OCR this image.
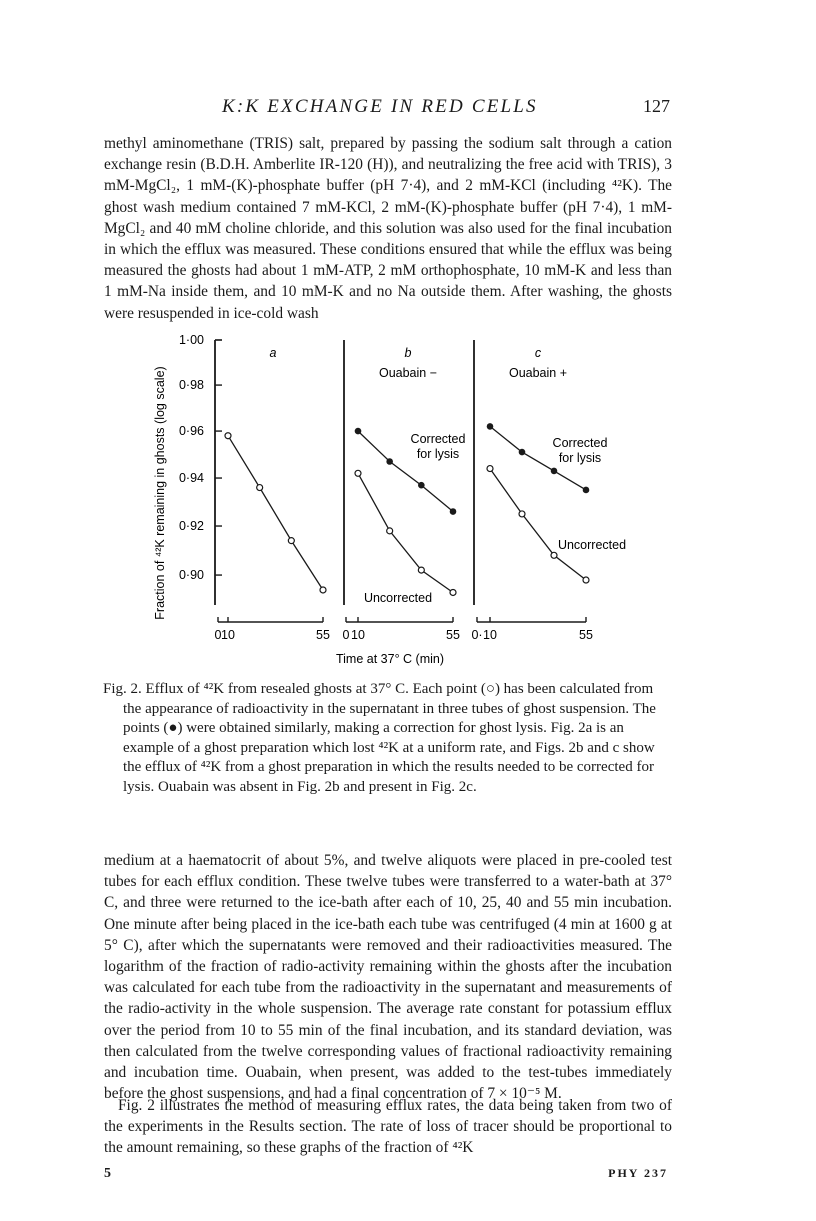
K:K EXCHANGE IN RED CELLS	127

methyl aminomethane (TRIS) salt, prepared by passing the sodium salt through a cation exchange resin (B.D.H. Amberlite IR-120 (H)), and neutralizing the free acid with TRIS), 3 mM-MgCl₂, 1 mM-(K)-phosphate buffer (pH 7·4), and 2 mM-KCl (including ⁴²K). The ghost wash medium contained 7 mM-KCl, 2 mM-(K)-phosphate buffer (pH 7·4), 1 mM-MgCl₂ and 40 mM choline chloride, and this solution was also used for the final incubation in which the efflux was measured. These conditions ensured that while the efflux was being measured the ghosts had about 1 mM-ATP, 2 mM orthophosphate, 10 mM-K and less than 1 mM-Na inside them, and 10 mM-K and no Na outside them. After washing, the ghosts were resuspended in ice-cold wash

Fraction of ⁴²K remaining in ghosts (log scale)
Time at 37° C (min)
1·00
0·98
0·96
0·94
0·92
0·90
0 10	55
a
0 10	55
b
Ouabain −
Corrected
for lysis
Uncorrected
0· 10	55
c
Ouabain +
Corrected
for lysis
Uncorrected
Fig. 2. Efflux of ⁴²K from resealed ghosts at 37° C. Each point (○) has been calculated from the appearance of radioactivity in the supernatant in three tubes of ghost suspension. The points (●) were obtained similarly, making a correction for ghost lysis. Fig. 2a is an example of a ghost preparation which lost ⁴²K at a uniform rate, and Figs. 2b and c show the efflux of ⁴²K from a ghost preparation in which the results needed to be corrected for lysis. Ouabain was absent in Fig. 2b and present in Fig. 2c.

medium at a haematocrit of about 5%, and twelve aliquots were placed in pre-cooled test tubes for each efflux condition. These twelve tubes were transferred to a water-bath at 37° C, and three were returned to the ice-bath after each of 10, 25, 40 and 55 min incubation. One minute after being placed in the ice-bath each tube was centrifuged (4 min at 1600 g at 5° C), after which the supernatants were removed and their radioactivities measured. The logarithm of the fraction of radio-activity remaining within the ghosts after the incubation was calculated for each tube from the radioactivity in the supernatant and measurements of the radio-activity in the whole suspension. The average rate constant for potassium efflux over the period from 10 to 55 min of the final incubation, and its standard deviation, was then calculated from the twelve corresponding values of fractional radioactivity remaining and incubation time. Ouabain, when present, was added to the test-tubes immediately before the ghost suspensions, and had a final concentration of 7 × 10⁻⁵ M.

Fig. 2 illustrates the method of measuring efflux rates, the data being taken from two of the experiments in the Results section. The rate of loss of tracer should be proportional to the amount remaining, so these graphs of the fraction of ⁴²K

5	PHY 237
